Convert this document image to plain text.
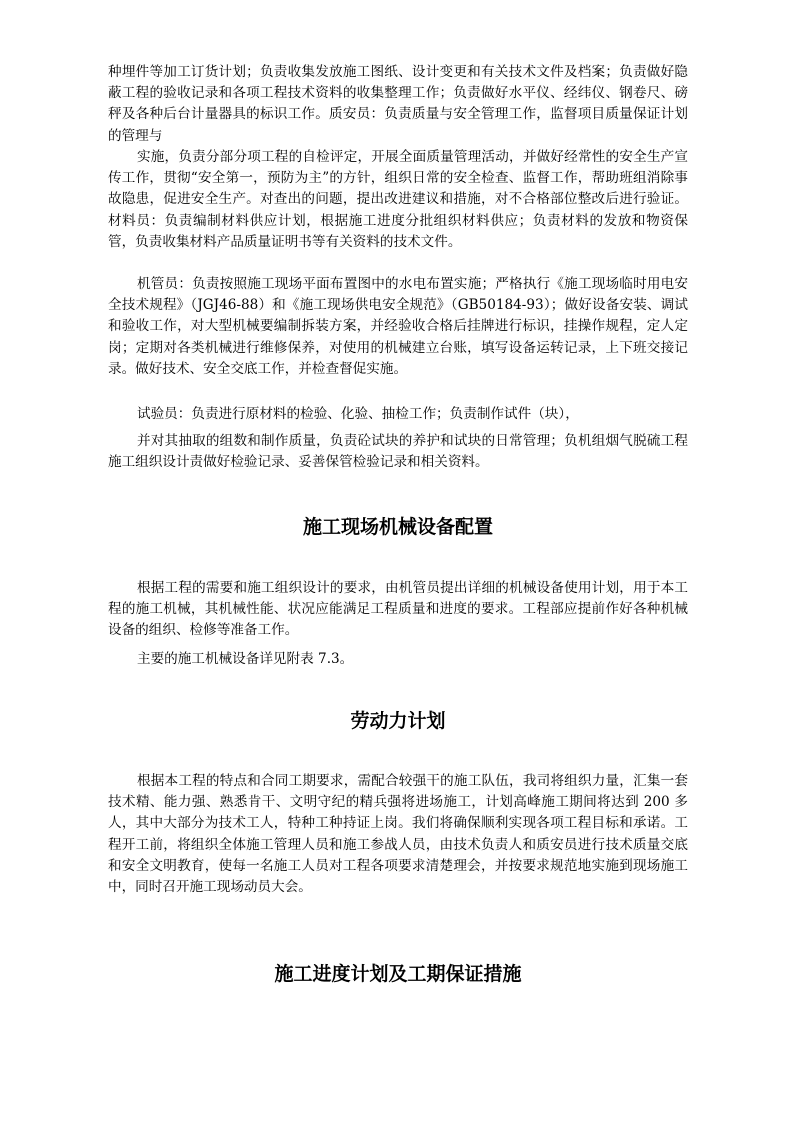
种埋件等加工订货计划；负责收集发放施工图纸、设计变更和有关技术文件及档案；负责做好隐蔽工程的验收记录和各项工程技术资料的收集整理工作；负责做好水平仪、经纬仪、钢卷尺、磅秤及各种后台计量器具的标识工作。质安员：负责质量与安全管理工作，监督项目质量保证计划的管理与

实施，负责分部分项工程的自检评定，开展全面质量管理活动，并做好经常性的安全生产宣传工作，贯彻“安全第一，预防为主”的方针，组织日常的安全检查、监督工作，帮助班组消除事故隐患，促进安全生产。对查出的问题，提出改进建议和措施，对不合格部位整改后进行验证。材料员：负责编制材料供应计划，根据施工进度分批组织材料供应；负责材料的发放和物资保管，负责收集材料产品质量证明书等有关资料的技术文件。

机管员：负责按照施工现场平面布置图中的水电布置实施；严格执行《施工现场临时用电安全技术规程》（JGJ46-88）和《施工现场供电安全规范》（GB50184-93）；做好设备安装、调试和验收工作，对大型机械要编制拆装方案，并经验收合格后挂牌进行标识，挂操作规程，定人定岗；定期对各类机械进行维修保养，对使用的机械建立台账，填写设备运转记录，上下班交接记录。做好技术、安全交底工作，并检查督促实施。

试验员：负责进行原材料的检验、化验、抽检工作；负责制作试件（块），

并对其抽取的组数和制作质量，负责砼试块的养护和试块的日常管理；负机组烟气脱硫工程施工组织设计责做好检验记录、妥善保管检验记录和相关资料。

施工现场机械设备配置

根据工程的需要和施工组织设计的要求，由机管员提出详细的机械设备使用计划，用于本工程的施工机械，其机械性能、状况应能满足工程质量和进度的要求。工程部应提前作好各种机械设备的组织、检修等准备工作。

主要的施工机械设备详见附表 7.3。

劳动力计划

根据本工程的特点和合同工期要求，需配合较强干的施工队伍，我司将组织力量，汇集一套技术精、能力强、熟悉肯干、文明守纪的精兵强将进场施工，计划高峰施工期间将达到 200 多人，其中大部分为技术工人，特种工种持证上岗。我们将确保顺利实现各项工程目标和承诺。工程开工前，将组织全体施工管理人员和施工参战人员，由技术负责人和质安员进行技术质量交底和安全文明教育，使每一名施工人员对工程各项要求清楚理会，并按要求规范地实施到现场施工中，同时召开施工现场动员大会。

施工进度计划及工期保证措施
